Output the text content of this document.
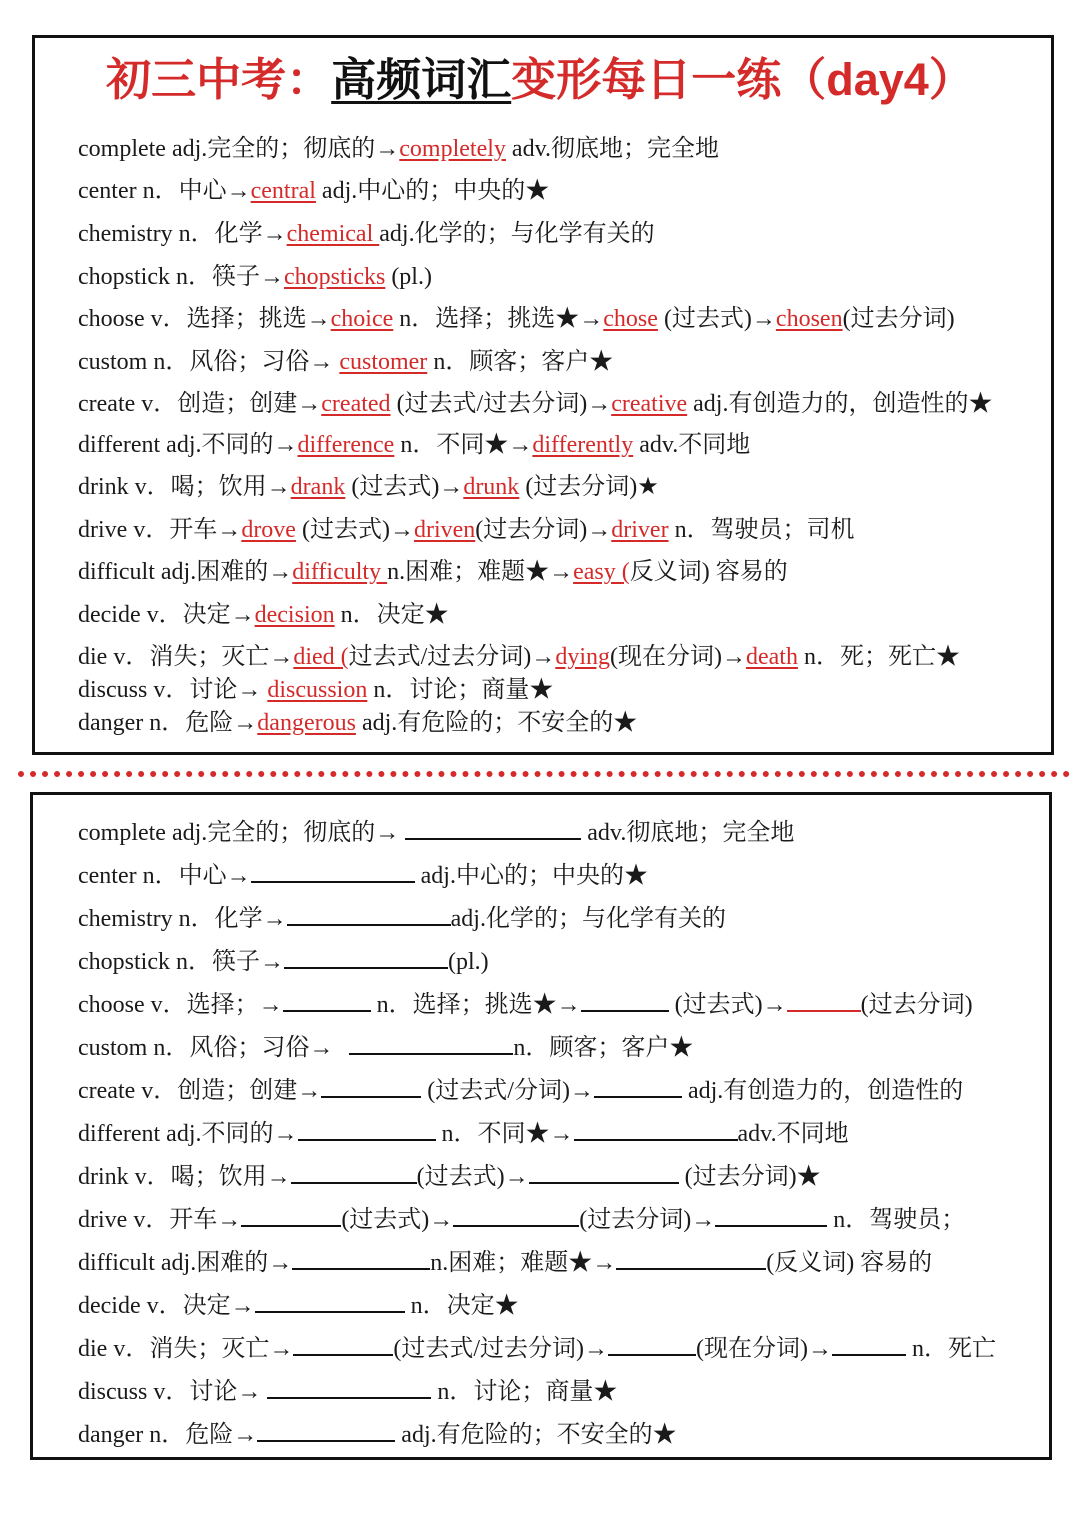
初三中考：高频词汇变形每日一练（day4）
complete adj.完全的；彻底的→completely adv.彻底地；完全地
center n．中心→central adj.中心的；中央的★
chemistry n．化学→chemical adj.化学的；与化学有关的
chopstick n．筷子→chopsticks (pl.)
choose v．选择；挑选→choice n．选择；挑选★→chose (过去式)→chosen(过去分词)
custom n．风俗；习俗→ customer n．顾客；客户★
create v．创造；创建→created (过去式/过去分词)→creative adj.有创造力的，创造性的★
different adj.不同的→difference n．不同★→differently adv.不同地
drink v．喝；饮用→drank (过去式)→drunk (过去分词)★
drive v．开车→drove (过去式)→driven(过去分词)→driver n．驾驶员；司机
difficult adj.困难的→difficulty n.困难；难题★→easy (反义词) 容易的
decide v．决定→decision n．决定★
die v．消失；灭亡→died (过去式/过去分词)→dying(现在分词)→death n．死；死亡★
discuss v．讨论→ discussion n．讨论；商量★
danger n．危险→dangerous adj.有危险的；不安全的★
complete adj.完全的；彻底的→	adv.彻底地；完全地
center n．中心→	adj.中心的；中央的★
chemistry n．化学→	adj.化学的；与化学有关的
chopstick n．筷子→	(pl.)
choose v．选择；→	n．选择；挑选★→	(过去式)→	(过去分词)
custom n．风俗；习俗→	n．顾客；客户★
create v．创造；创建→	(过去式/分词)→	adj.有创造力的，创造性的
different adj.不同的→	n．不同★→	adv.不同地
drink v．喝；饮用→	(过去式)→	(过去分词)★
drive v．开车→	(过去式)→	(过去分词)→	n．驾驶员；
difficult adj.困难的→	n.困难；难题★→	(反义词) 容易的
decide v．决定→	n．决定★
die v．消失；灭亡→	(过去式/过去分词)→	(现在分词)→	n．死亡
discuss v．讨论→	n．讨论；商量★
danger n．危险→	adj.有危险的；不安全的★
